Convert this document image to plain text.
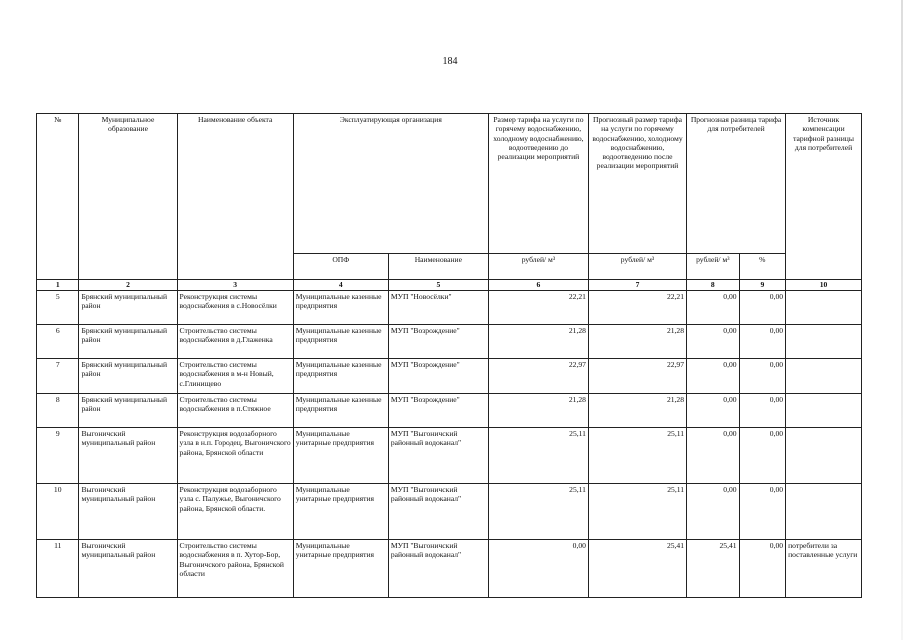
184
№	Муниципальное образование	Наименование объекта	Эксплуатирующая организация		Размер тарифа на услуги по горячему водоснабжению, холодному водоснабжению, водоотведению до реализации мероприятий	Прогнозный размер тарифа на услуги по горячему водоснабжению, холодному водоснабжению, водоотведению после реализации мероприятий	Прогнозная разница тарифа для потребителей		Источник компенсации тарифной разницы для потребителей
			ОПФ	Наименование	рублей/ м³	рублей/ м³	рублей/ м³	%	
1	2	3	4	5	6	7	8	9	10
5	Брянский муниципальный район	Реконструкция системы водоснабжения в с.Новосёлки	Муниципальные казенные предприятия	МУП "Новосёлки"	22,21	22,21	0,00	0,00	
6	Брянский муниципальный район	Строительство системы водоснабжения в д.Глаженка	Муниципальные казенные предприятия	МУП "Возрождение"	21,28	21,28	0,00	0,00	
7	Брянский муниципальный район	Строительство системы водоснабжения в м-н Новый, с.Глинищево	Муниципальные казенные предприятия	МУП "Возрождение"	22,97	22,97	0,00	0,00	
8	Брянский муниципальный район	Строительство системы водоснабжения в п.Стяжное	Муниципальные казенные предприятия	МУП "Возрождение"	21,28	21,28	0,00	0,00	
9	Выгоничский муниципальный район	Реконструкция водозаборного узла в н.п. Городец, Выгоничского района, Брянской области	Муниципальные унитарные предприятия	МУП "Выгоничский районный водоканал"	25,11	25,11	0,00	0,00	
10	Выгоничский муниципальный район	Реконструкция водозаборного узла с. Палужье, Выгоничского района, Брянской области.	Муниципальные унитарные предприятия	МУП "Выгоничский районный водоканал"	25,11	25,11	0,00	0,00	
11	Выгоничский муниципальный район	Строительство системы водоснабжения в п. Хутор-Бор, Выгоничского района, Брянской области	Муниципальные унитарные предприятия	МУП "Выгоничский районный водоканал"	0,00	25,41	25,41	0,00	потребители за поставленные услуги
